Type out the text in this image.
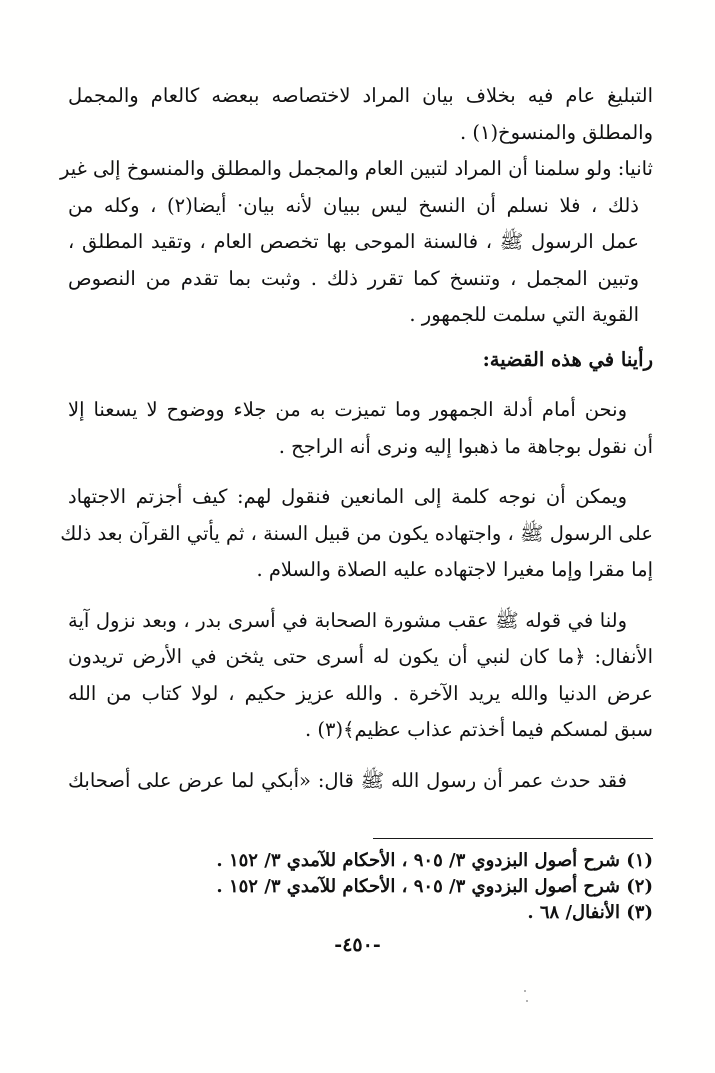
التبليغ عام فيه بخلاف بيان المراد لاختصاصه ببعضه كالعام والمجمل
والمطلق والمنسوخ(١) .
ثانيا: ولو سلمنا أن المراد لتبين العام والمجمل والمطلق والمنسوخ إلى غير
ذلك ، فلا نسلم أن النسخ ليس ببيان لأنه بيان· أيضا(٢) ، وكله من
عمل الرسول ﷺ ، فالسنة الموحى بها تخصص العام ، وتقيد المطلق ،
وتبين المجمل ، وتنسخ كما تقرر ذلك . وثبت بما تقدم من النصوص
القوية التي سلمت للجمهور .
رأينا في هذه القضية:
ونحن أمام أدلة الجمهور وما تميزت به من جلاء ووضوح لا يسعنا إلا
أن نقول بوجاهة ما ذهبوا إليه ونرى أنه الراجح .
ويمكن أن نوجه كلمة إلى المانعين فنقول لهم: كيف أجزتم الاجتهاد
على الرسول ﷺ ، واجتهاده يكون من قبيل السنة ، ثم يأتي القرآن بعد ذلك
إما مقرا وإما مغيرا لاجتهاده عليه الصلاة والسلام .
ولنا في قوله ﷺ عقب مشورة الصحابة في أسرى بدر ، وبعد نزول آية
الأنفال: ﴿ما كان لنبي أن يكون له أسرى حتى يثخن في الأرض تريدون
عرض الدنيا والله يريد الآخرة . والله عزيز حكيم ، لولا كتاب من الله
سبق لمسكم فيما أخذتم عذاب عظيم﴾(٣) .
فقد حدث عمر أن رسول الله ﷺ قال: «أبكي لما عرض على أصحابك
(١) شرح أصول البزدوي ٣/ ٩٠٥ ، الأحكام للآمدي ٣/ ١٥٢ .
(٢) شرح أصول البزدوي ٣/ ٩٠٥ ، الأحكام للآمدي ٣/ ١٥٢ .
(٣) الأنفال/ ٦٨ .
-٤٥٠-
